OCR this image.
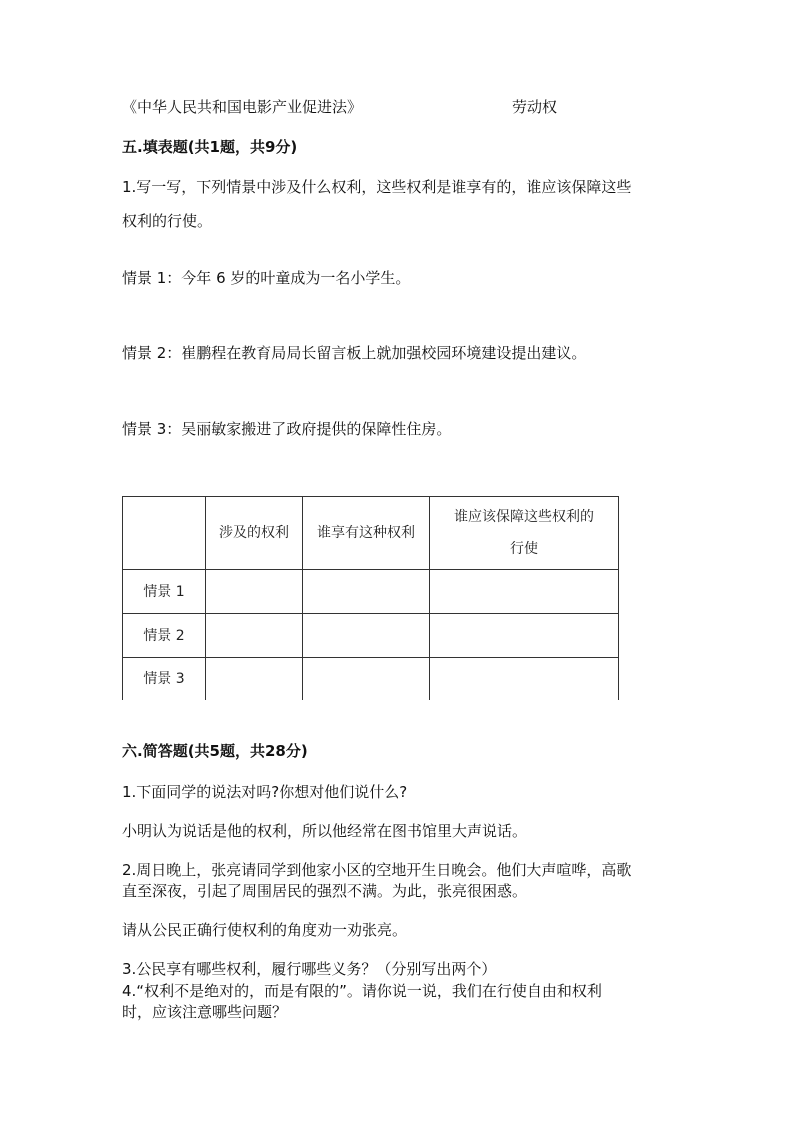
《中华人民共和国电影产业促进法》	劳动权
五.填表题(共1题，共9分)
1.写一写，下列情景中涉及什么权利，这些权利是谁享有的，谁应该保障这些
权利的行使。
情景 1：今年 6 岁的叶童成为一名小学生。
情景 2：崔鹏程在教育局局长留言板上就加强校园环境建设提出建议。
情景 3：吴丽敏家搬进了政府提供的保障性住房。
	涉及的权利	谁享有这种权利	谁应该保障这些权利的行使
情景 1			
情景 2			
情景 3			
六.简答题(共5题，共28分)
1.下面同学的说法对吗?你想对他们说什么?
小明认为说话是他的权利，所以他经常在图书馆里大声说话。
2.周日晚上，张亮请同学到他家小区的空地开生日晚会。他们大声喧哗，高歌
直至深夜，引起了周围居民的强烈不满。为此，张亮很困惑。
请从公民正确行使权利的角度劝一劝张亮。
3.公民享有哪些权利，履行哪些义务？（分别写出两个）
4.“权利不是绝对的，而是有限的”。请你说一说，我们在行使自由和权利
时，应该注意哪些问题？
